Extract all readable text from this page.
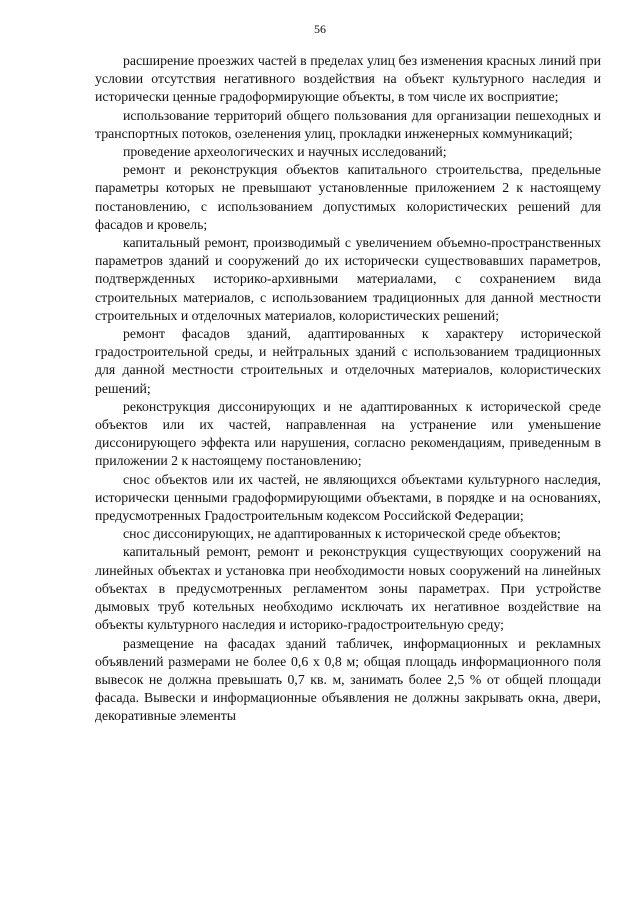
56

расширение проезжих частей в пределах улиц без изменения красных линий при условии отсутствия негативного воздействия на объект культурного наследия и исторически ценные градоформирующие объекты, в том числе их восприятие;

использование территорий общего пользования для организации пешеходных и транспортных потоков, озеленения улиц, прокладки инженерных коммуникаций;

проведение археологических и научных исследований;

ремонт и реконструкция объектов капитального строительства, предельные параметры которых не превышают установленные приложением 2 к настоящему постановлению, с использованием допустимых колористических решений для фасадов и кровель;

капитальный ремонт, производимый с увеличением объемно-пространственных параметров зданий и сооружений до их исторически существовавших параметров, подтвержденных историко-архивными материалами, с сохранением вида строительных материалов, с использованием традиционных для данной местности строительных и отделочных материалов, колористических решений;

ремонт фасадов зданий, адаптированных к характеру исторической градостроительной среды, и нейтральных зданий с использованием традиционных для данной местности строительных и отделочных материалов, колористических решений;

реконструкция диссонирующих и не адаптированных к исторической среде объектов или их частей, направленная на устранение или уменьшение диссонирующего эффекта или нарушения, согласно рекомендациям, приведенным в приложении 2 к настоящему постановлению;

снос объектов или их частей, не являющихся объектами культурного наследия, исторически ценными градоформирующими объектами, в порядке и на основаниях, предусмотренных Градостроительным кодексом Российской Федерации;

снос диссонирующих, не адаптированных к исторической среде объектов;

капитальный ремонт, ремонт и реконструкция существующих сооружений на линейных объектах и установка при необходимости новых сооружений на линейных объектах в предусмотренных регламентом зоны параметрах. При устройстве дымовых труб котельных необходимо исключать их негативное воздействие на объекты культурного наследия и историко-градостроительную среду;

размещение на фасадах зданий табличек, информационных и рекламных объявлений размерами не более 0,6 х 0,8 м; общая площадь информационного поля вывесок не должна превышать 0,7 кв. м, занимать более 2,5 % от общей площади фасада. Вывески и информационные объявления не должны закрывать окна, двери, декоративные элементы
